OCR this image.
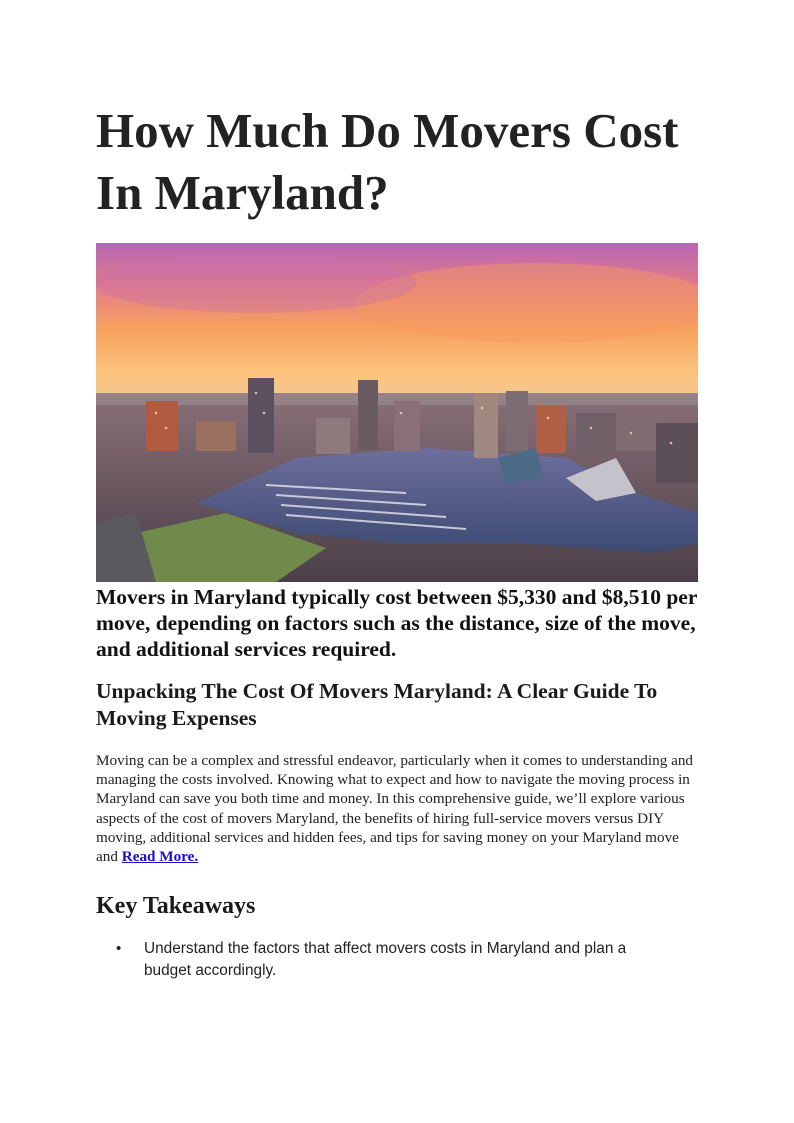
How Much Do Movers Cost In Maryland?

Movers in Maryland typically cost between $5,330 and $8,510 per move, depending on factors such as the distance, size of the move, and additional services required.

Unpacking The Cost Of Movers Maryland: A Clear Guide To Moving Expenses

Moving can be a complex and stressful endeavor, particularly when it comes to understanding and managing the costs involved. Knowing what to expect and how to navigate the moving process in Maryland can save you both time and money. In this comprehensive guide, we’ll explore various aspects of the cost of movers Maryland, the benefits of hiring full-service movers versus DIY moving, additional services and hidden fees, and tips for saving money on your Maryland move and Read More.

Key Takeaways
• Understand the factors that affect movers costs in Maryland and plan a budget accordingly.
